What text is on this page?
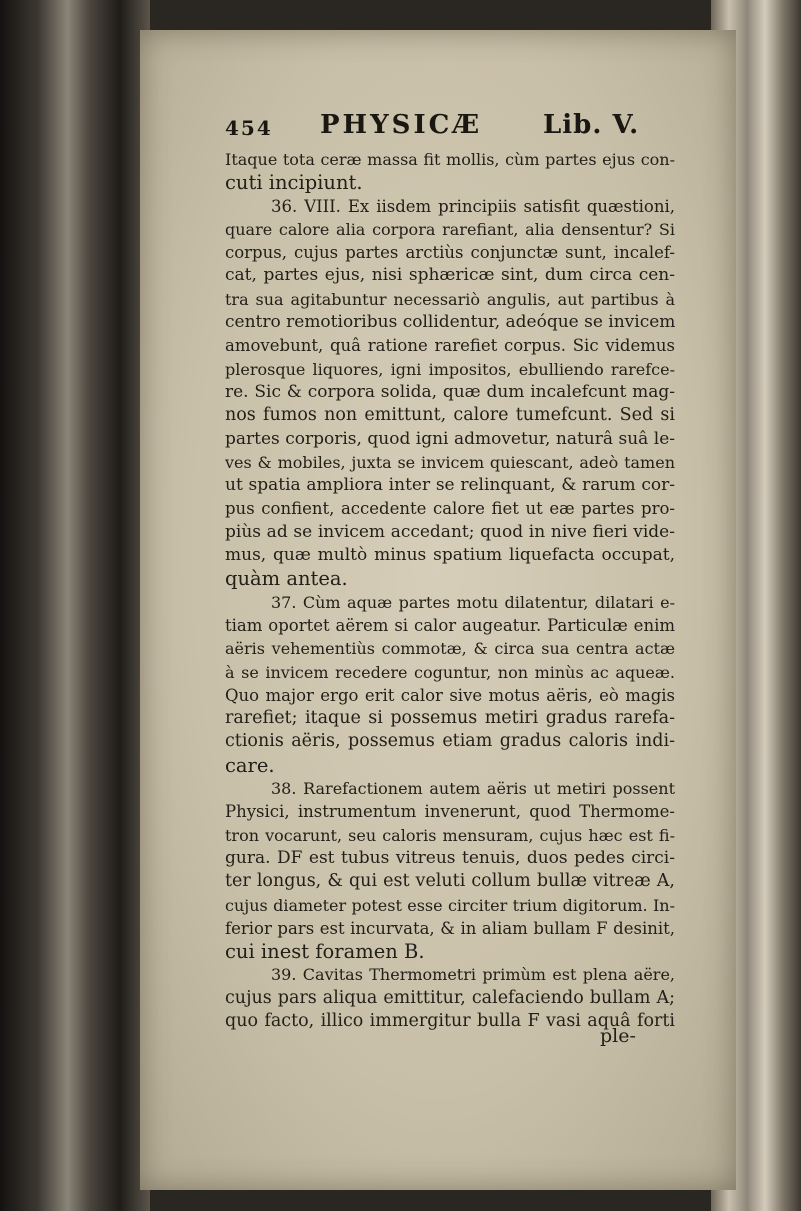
454 PHYSICÆ Lib. V.
Itaque tota ceræ massa fit mollis, cùm partes ejus con-
cuti incipiunt.
36. VIII. Ex iisdem principiis satisfit quæstioni,
quare calore alia corpora rarefiant, alia densentur? Si
corpus, cujus partes arctiùs conjunctæ sunt, incalef-
cat, partes ejus, nisi sphæricæ sint, dum circa cen-
tra sua agitabuntur necessariò angulis, aut partibus à
centro remotioribus collidentur, adeóque se invicem
amovebunt, quâ ratione rarefiet corpus. Sic videmus
plerosque liquores, igni impositos, ebulliendo rarefce-
re. Sic & corpora solida, quæ dum incalefcunt mag-
nos fumos non emittunt, calore tumefcunt. Sed si
partes corporis, quod igni admovetur, naturâ suâ le-
ves & mobiles, juxta se invicem quiescant, adeò tamen
ut spatia ampliora inter se relinquant, & rarum cor-
pus confient, accedente calore fiet ut eæ partes pro-
piùs ad se invicem accedant; quod in nive fieri vide-
mus, quæ multò minus spatium liquefacta occupat,
quàm antea.
37. Cùm aquæ partes motu dilatentur, dilatari e-
tiam oportet aërem si calor augeatur. Particulæ enim
aëris vehementiùs commotæ, & circa sua centra actæ
à se invicem recedere coguntur, non minùs ac aqueæ.
Quo major ergo erit calor sive motus aëris, eò magis
rarefiet; itaque si possemus metiri gradus rarefa-
ctionis aëris, possemus etiam gradus caloris indi-
care.
38. Rarefactionem autem aëris ut metiri possent
Physici, instrumentum invenerunt, quod Thermome-
tron vocarunt, seu caloris mensuram, cujus hæc est fi-
gura. DF est tubus vitreus tenuis, duos pedes circi-
ter longus, & qui est veluti collum bullæ vitreæ A,
cujus diameter potest esse circiter trium digitorum. In-
ferior pars est incurvata, & in aliam bullam F desinit,
cui inest foramen B.
39. Cavitas Thermometri primùm est plena aëre,
cujus pars aliqua emittitur, calefaciendo bullam A;
quo facto, illico immergitur bulla F vasi aquâ forti
ple-
